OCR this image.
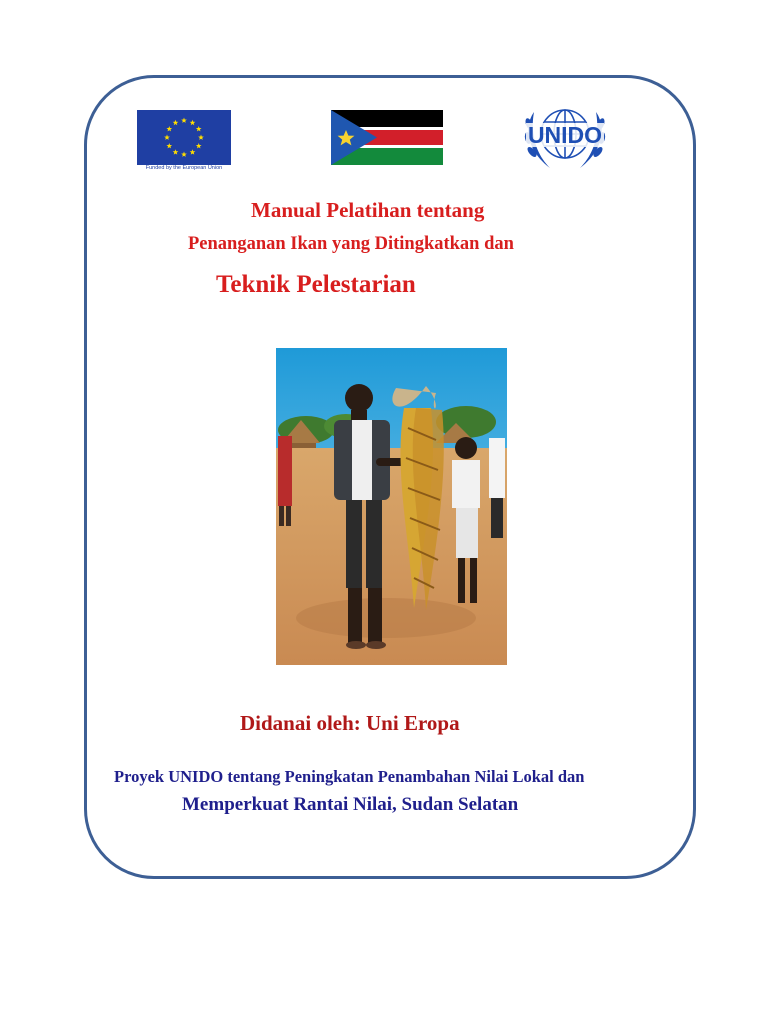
Funded by the European Union
UNIDO

Manual Pelatihan tentang

Penanganan Ikan yang Ditingkatkan dan

Teknik Pelestarian

Didanai oleh: Uni Eropa

Proyek UNIDO tentang Peningkatan Penambahan Nilai Lokal dan

Memperkuat Rantai Nilai, Sudan Selatan
